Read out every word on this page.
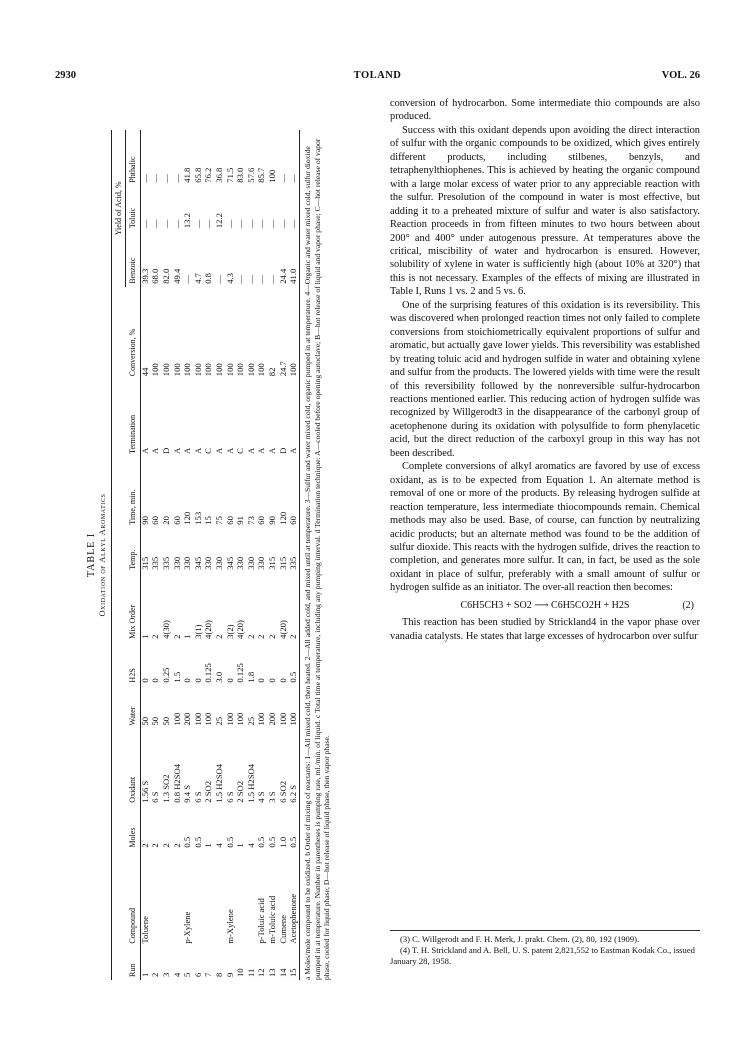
2930	TOLAND	VOL. 26
TABLE I Oxidation of Alkyl Aromatics
Run	Compound	Moles	Oxidant	Water	H2S	Mix Order	Temp.	Time, min.	Termination	Conversion, %	Yield of Acid, %		
											Benzoic	Toluic	Phthalic
1	Toluene	2	1.56 S	50	0	1	315	90	A	44	39.3	—	—
2		2	6 S	50	0	2	335	60	A	100	68.0	—	—
3		2	1.3 SO2	50	0.25	4(30)	335	20	D	100	82.0	—	—
4		2	0.8 H2SO4	100	1.5	2	330	60	A	100	49.4	—	—
5	p-Xylene	0.5	9.4 S	200	0	1	330	120	A	100	—	13.2	41.8
6		0.5	6 S	100	0	3(1)	345	153	A	100	4.7	—	65.8
7		1	2 SO2	100	0.125	4(20)	330	15	C	100	0.8	—	76.2
8		4	1.5 H2SO4	25	3.0	2	330	75	A	100	—	12.2	36.8
9	m-Xylene	0.5	6 S	100	0	3(2)	345	60	A	100	4.3	—	71.5
10		1	2 SO2	100	0.125	4(20)	330	91	C	100	—	—	83.0
11		4	1.5 H2SO4	25	1.8	2	330	73	A	100	—	—	57.6
12	p-Toluic acid	0.5	4 S	100	0	2	330	60	A	100	—	—	85.7
13	m-Toluic acid	0.5	3 S	200	0	2	315	90	A	82	—	—	100
14	Cumene	1.0	6 SO2	100	0	4(20)	315	120	D	24.7	24.4	—	—
15	Acetophenone	0.5	6.2 S	100	0.5	2	335	60	A	100	41.0	—	— a Moles/mole compound to be oxidized. b Order of mixing of reactants: 1—All mixed cold, then heated. 2—All added cold, and mixed until at temperature. 3—Sulfur and water mixed cold, organic pumped in at temperature. 4—Organic and water mixed cold, sulfur dioxide pumped in at temperature. Number in parentheses is pumping rate, ml./min. of liquid. c Total time at temperature, including any pumping interval. d Termination technique: A—cooled before opening autoclave; B—hot release of liquid and vapor phase; C—hot release of vapor phase, cooled for liquid phase; D—hot release of liquid phase, then vapor phase.

conversion of hydrocarbon. Some intermediate thio compounds are also produced.

Success with this oxidant depends upon avoiding the direct interaction of sulfur with the organic compounds to be oxidized, which gives entirely different products, including stilbenes, benzyls, and tetraphenylthiophenes. This is achieved by heating the organic compound with a large molar excess of water prior to any appreciable reaction with the sulfur. Presolution of the compound in water is most effective, but adding it to a preheated mixture of sulfur and water is also satisfactory. Reaction proceeds in from fifteen minutes to two hours between about 200° and 400° under autogenous pressure. At temperatures above the critical, miscibility of water and hydrocarbon is ensured. However, solubility of xylene in water is sufficiently high (about 10% at 320°) that this is not necessary. Examples of the effects of mixing are illustrated in Table I, Runs 1 vs. 2 and 5 vs. 6.

One of the surprising features of this oxidation is its reversibility. This was discovered when prolonged reaction times not only failed to complete conversions from stoichiometrically equivalent proportions of sulfur and aromatic, but actually gave lower yields. This reversibility was established by treating toluic acid and hydrogen sulfide in water and obtaining xylene and sulfur from the products. The lowered yields with time were the result of this reversibility followed by the nonreversible sulfur-hydrocarbon reactions mentioned earlier. This reducing action of hydrogen sulfide was recognized by Willgerodt3 in the disappearance of the carbonyl group of acetophenone during its oxidation with polysulfide to form phenylacetic acid, but the direct reduction of the carboxyl group in this way has not been described.

Complete conversions of alkyl aromatics are favored by use of excess oxidant, as is to be expected from Equation 1. An alternate method is removal of one or more of the products. By releasing hydrogen sulfide at reaction temperature, less intermediate thiocompounds remain. Chemical methods may also be used. Base, of course, can function by neutralizing acidic products; but an alternate method was found to be the addition of sulfur dioxide. This reacts with the hydrogen sulfide, drives the reaction to completion, and generates more sulfur. It can, in fact, be used as the sole oxidant in place of sulfur, preferably with a small amount of sulfur or hydrogen sulfide as an initiator. The over-all reaction then becomes:

C6H5CH3 + SO2 ⟶ C6H5CO2H + H2S	(2)

This reaction has been studied by Strickland4 in the vapor phase over vanadia catalysts. He states that large excesses of hydrocarbon over sulfur

(3) C. Willgerodt and F. H. Merk, J. prakt. Chem. (2), 80, 192 (1909).

(4) T. H. Strickland and A. Bell, U. S. patent 2,821,552 to Eastman Kodak Co., issued January 28, 1958.
